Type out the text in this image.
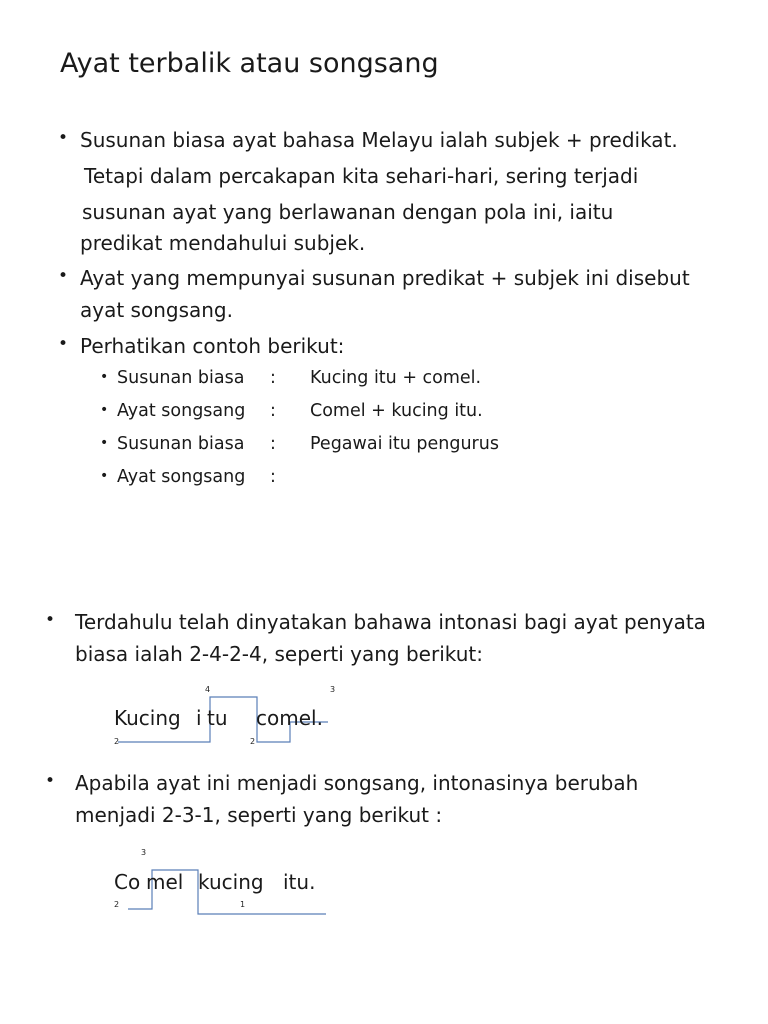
Ayat terbalik atau songsang
• Susunan biasa ayat bahasa Melayu ialah subjek + predikat.
Tetapi dalam percakapan kita sehari-hari, sering terjadi
susunan ayat yang berlawanan dengan pola ini, iaitu
predikat mendahului subjek.
• Ayat yang mempunyai susunan predikat + subjek ini disebut
ayat songsang.
• Perhatikan contoh berikut:
• Susunan biasa : Kucing itu + comel.
• Ayat songsang : Comel + kucing itu.
• Susunan biasa : Pegawai itu pengurus
• Ayat songsang :
• Terdahulu telah dinyatakan bahawa intonasi bagi ayat penyata
biasa ialah 2-4-2-4, seperti yang berikut:
4	3
2	2
Kucing i tu comel.
• Apabila ayat ini menjadi songsang, intonasinya berubah
menjadi 2-3-1, seperti yang berikut :
3
2	1
Co mel kucing itu.
